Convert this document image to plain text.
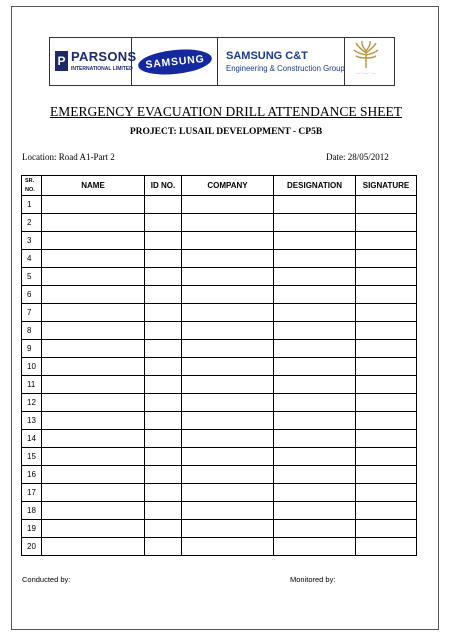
P PARSONS
INTERNATIONAL LIMITED	SAMSUNG	SAMSUNG C&T
Engineering & Construction Group	— · — · —
EMERGENCY EVACUATION DRILL ATTENDANCE SHEET
PROJECT: LUSAIL DEVELOPMENT - CP5B
Location: Road A1-Part 2	Date: 28/05/2012
SR.
NO.	NAME	ID NO.	COMPANY	DESIGNATION	SIGNATURE
1					
2					
3					
4					
5					
6					
7					
8					
9					
10					
11					
12					
13					
14					
15					
16					
17					
18					
19					
20					
Conducted by:	Monitored by:
